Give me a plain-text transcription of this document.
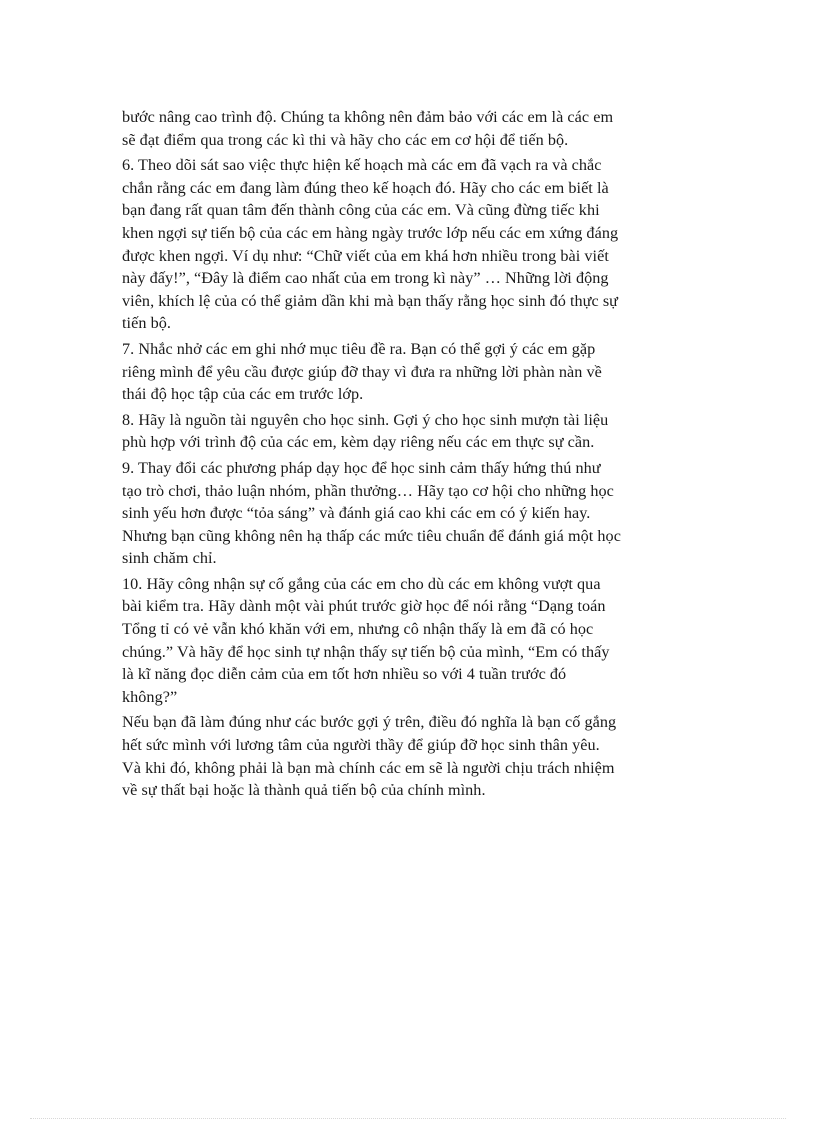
bước nâng cao trình độ. Chúng ta không nên đảm bảo với các em là các em
sẽ đạt điểm qua trong các kì thi và hãy cho các em cơ hội để tiến bộ.

6. Theo dõi sát sao việc thực hiện kế hoạch mà các em đã vạch ra và chắc
chắn rằng các em đang làm đúng theo kế hoạch đó. Hãy cho các em biết là
bạn đang rất quan tâm đến thành công của các em. Và cũng đừng tiếc khi
khen ngợi sự tiến bộ của các em hàng ngày trước lớp nếu các em xứng đáng
được khen ngợi. Ví dụ như: “Chữ viết của em khá hơn nhiều trong bài viết
này đấy!”, “Đây là điểm cao nhất của em trong kì này” … Những lời động
viên, khích lệ của có thể giảm dần khi mà bạn thấy rằng học sinh đó thực sự
tiến bộ.

7. Nhắc nhở các em ghi nhớ mục tiêu đề ra. Bạn có thể gợi ý các em gặp
riêng mình để yêu cầu được giúp đỡ thay vì đưa ra những lời phàn nàn về
thái độ học tập của các em trước lớp.

8. Hãy là nguồn tài nguyên cho học sinh. Gợi ý cho học sinh mượn tài liệu
phù hợp với trình độ của các em, kèm dạy riêng nếu các em thực sự cần.

9. Thay đổi các phương pháp dạy học để học sinh cảm thấy hứng thú như
tạo trò chơi, thảo luận nhóm, phần thưởng… Hãy tạo cơ hội cho những học
sinh yếu hơn được “tỏa sáng” và đánh giá cao khi các em có ý kiến hay.
Nhưng bạn cũng không nên hạ thấp các mức tiêu chuẩn để đánh giá một học
sinh chăm chỉ.

10. Hãy công nhận sự cố gắng của các em cho dù các em không vượt qua
bài kiểm tra. Hãy dành một vài phút trước giờ học để nói rằng “Dạng toán
Tổng tỉ có vẻ vẫn khó khăn với em, nhưng cô nhận thấy là em đã có học
chúng.” Và hãy để học sinh tự nhận thấy sự tiến bộ của mình, “Em có thấy
là kĩ năng đọc diễn cảm của em tốt hơn nhiều so với 4 tuần trước đó
không?”

Nếu bạn đã làm đúng như các bước gợi ý trên, điều đó nghĩa là bạn cố gắng
hết sức mình với lương tâm của người thầy để giúp đỡ học sinh thân yêu.
Và khi đó, không phải là bạn mà chính các em sẽ là người chịu trách nhiệm
về sự thất bại hoặc là thành quả tiến bộ của chính mình.
